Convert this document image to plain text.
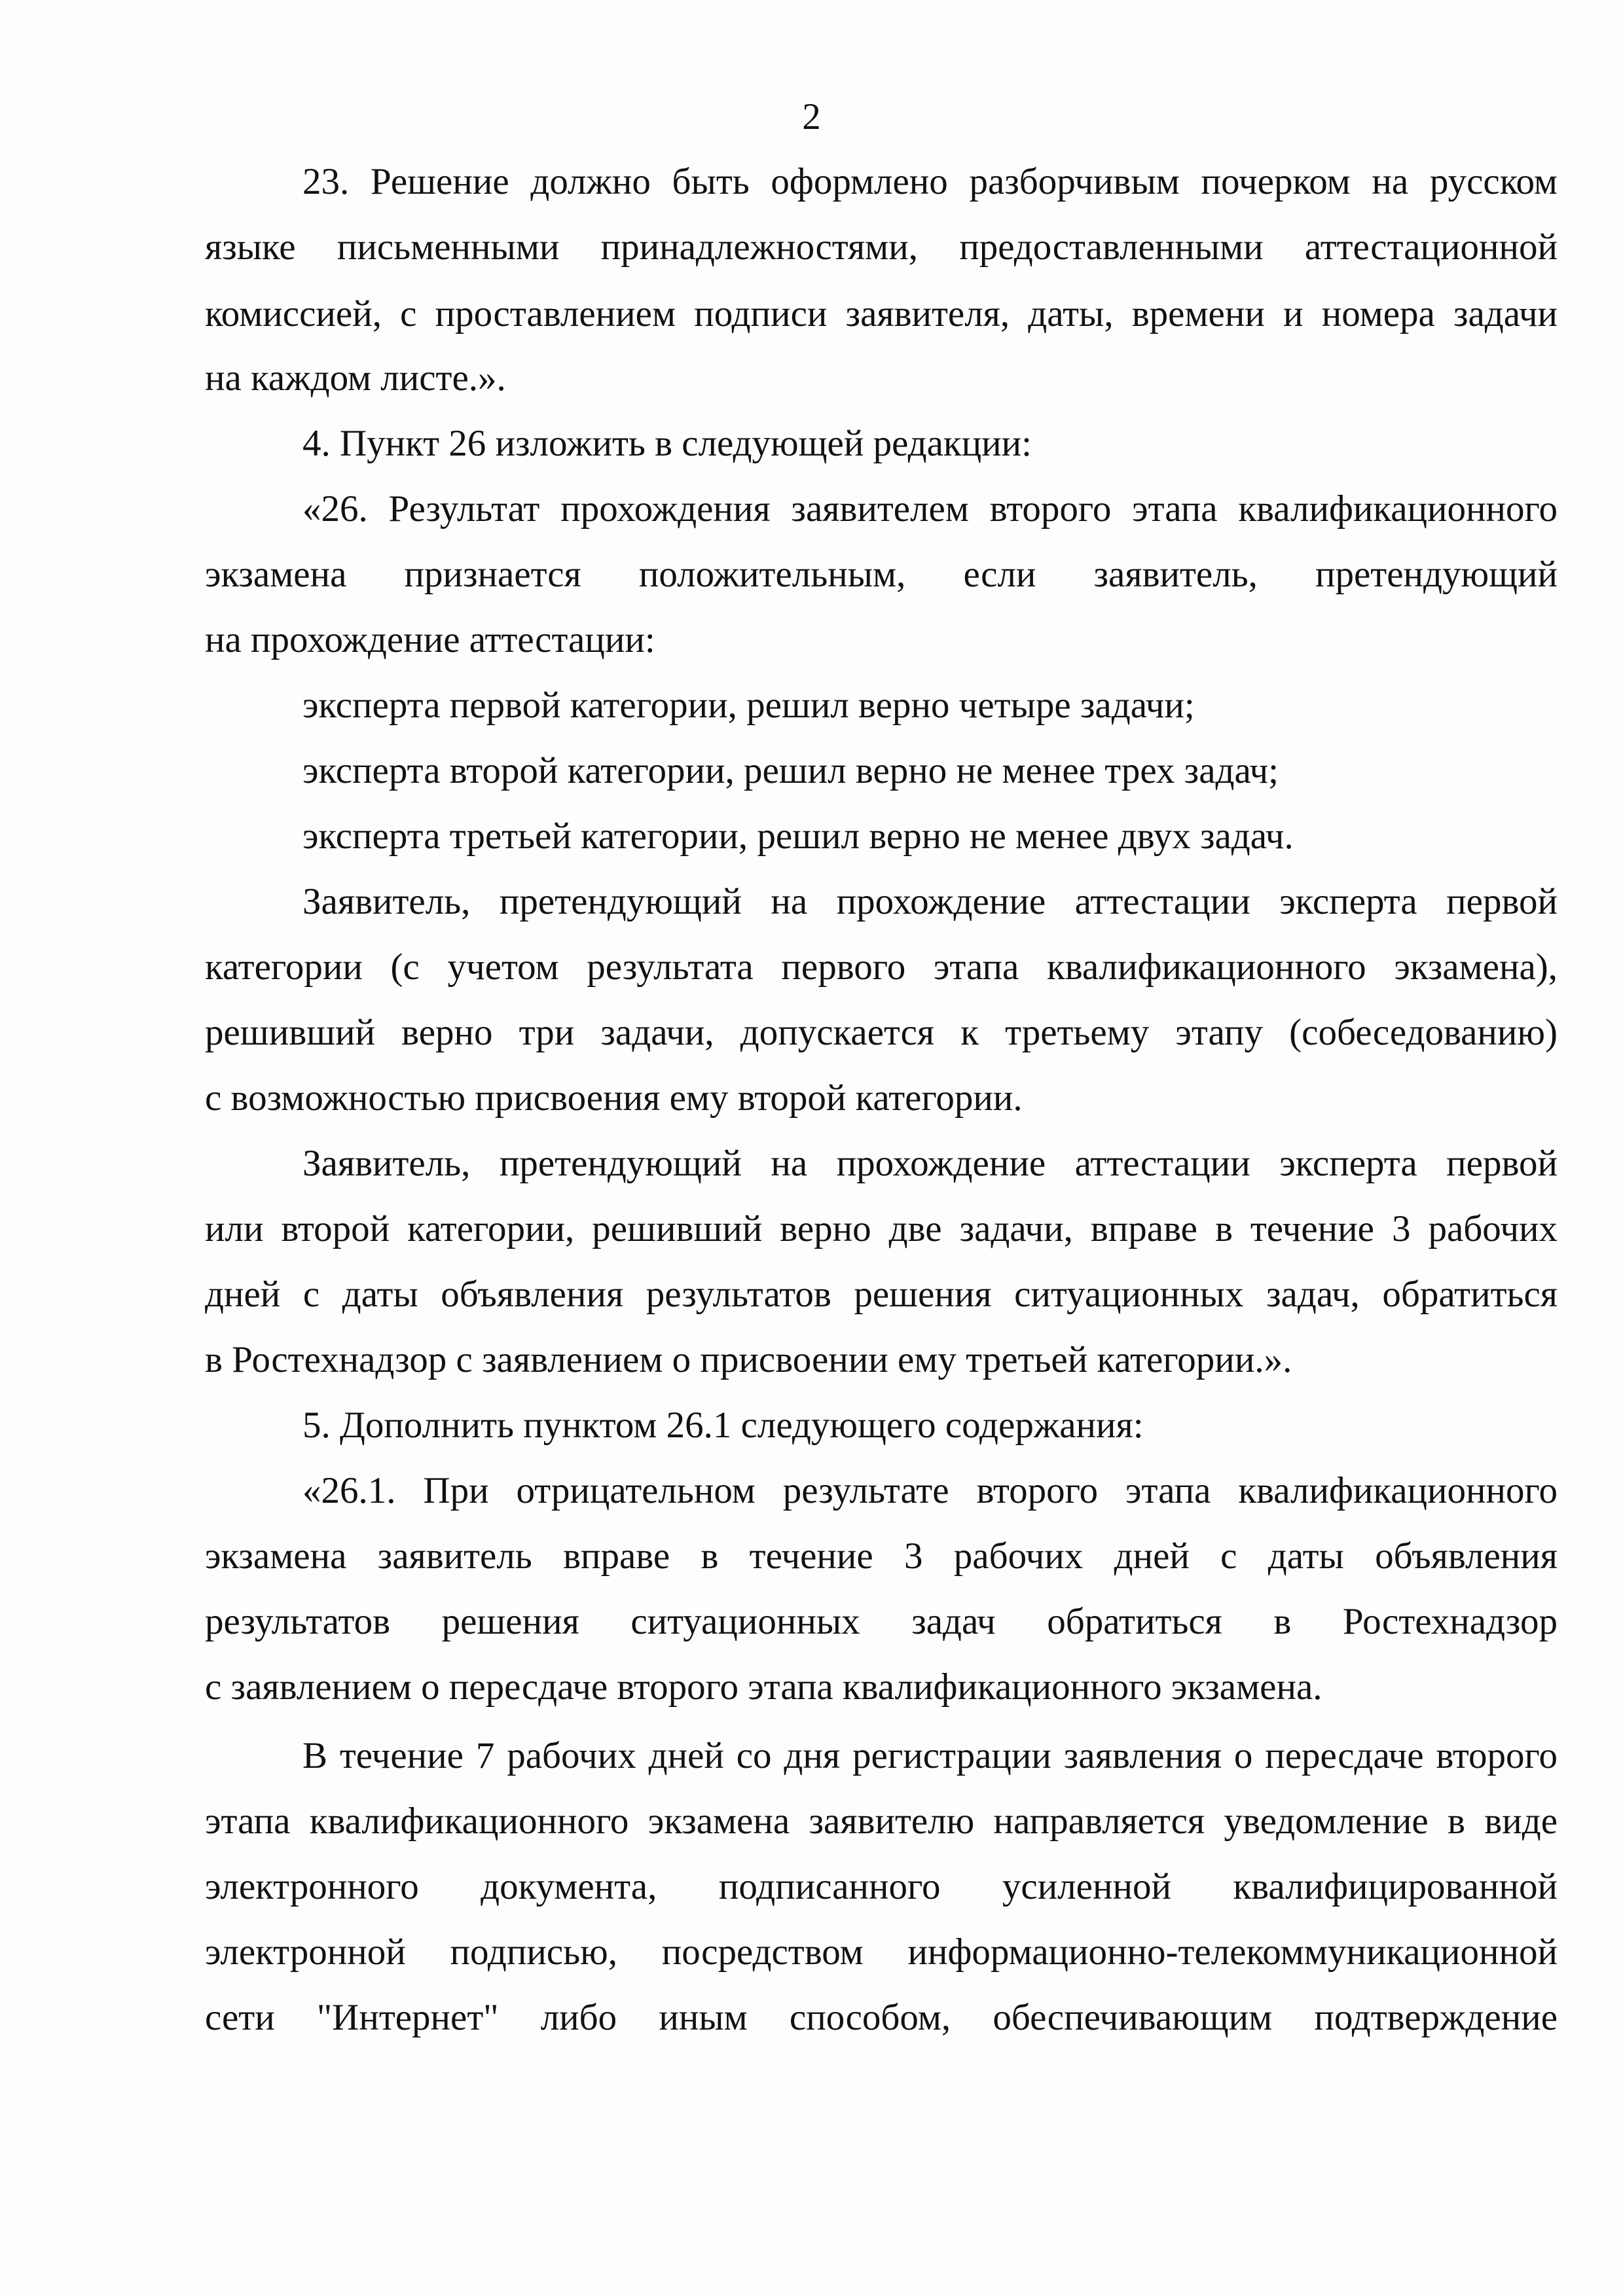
2
23. Решение должно быть оформлено разборчивым почерком на русском
языке письменными принадлежностями, предоставленными аттестационной
комиссией, с проставлением подписи заявителя, даты, времени и номера задачи
на каждом листе.».
4. Пункт 26 изложить в следующей редакции:
«26. Результат прохождения заявителем второго этапа квалификационного
экзамена признается положительным, если заявитель, претендующий
на прохождение аттестации:
эксперта первой категории, решил верно четыре задачи;
эксперта второй категории, решил верно не менее трех задач;
эксперта третьей категории, решил верно не менее двух задач.
Заявитель, претендующий на прохождение аттестации эксперта первой
категории (с учетом результата первого этапа квалификационного экзамена),
решивший верно три задачи, допускается к третьему этапу (собеседованию)
с возможностью присвоения ему второй категории.
Заявитель, претендующий на прохождение аттестации эксперта первой
или второй категории, решивший верно две задачи, вправе в течение 3 рабочих
дней с даты объявления результатов решения ситуационных задач, обратиться
в Ростехнадзор с заявлением о присвоении ему третьей категории.».
5. Дополнить пунктом 26.1 следующего содержания:
«26.1. При отрицательном результате второго этапа квалификационного
экзамена заявитель вправе в течение 3 рабочих дней с даты объявления
результатов решения ситуационных задач обратиться в Ростехнадзор
с заявлением о пересдаче второго этапа квалификационного экзамена.
В течение 7 рабочих дней со дня регистрации заявления о пересдаче второго
этапа квалификационного экзамена заявителю направляется уведомление в виде
электронного документа, подписанного усиленной квалифицированной
электронной подписью, посредством информационно-телекоммуникационной
сети "Интернет" либо иным способом, обеспечивающим подтверждение
